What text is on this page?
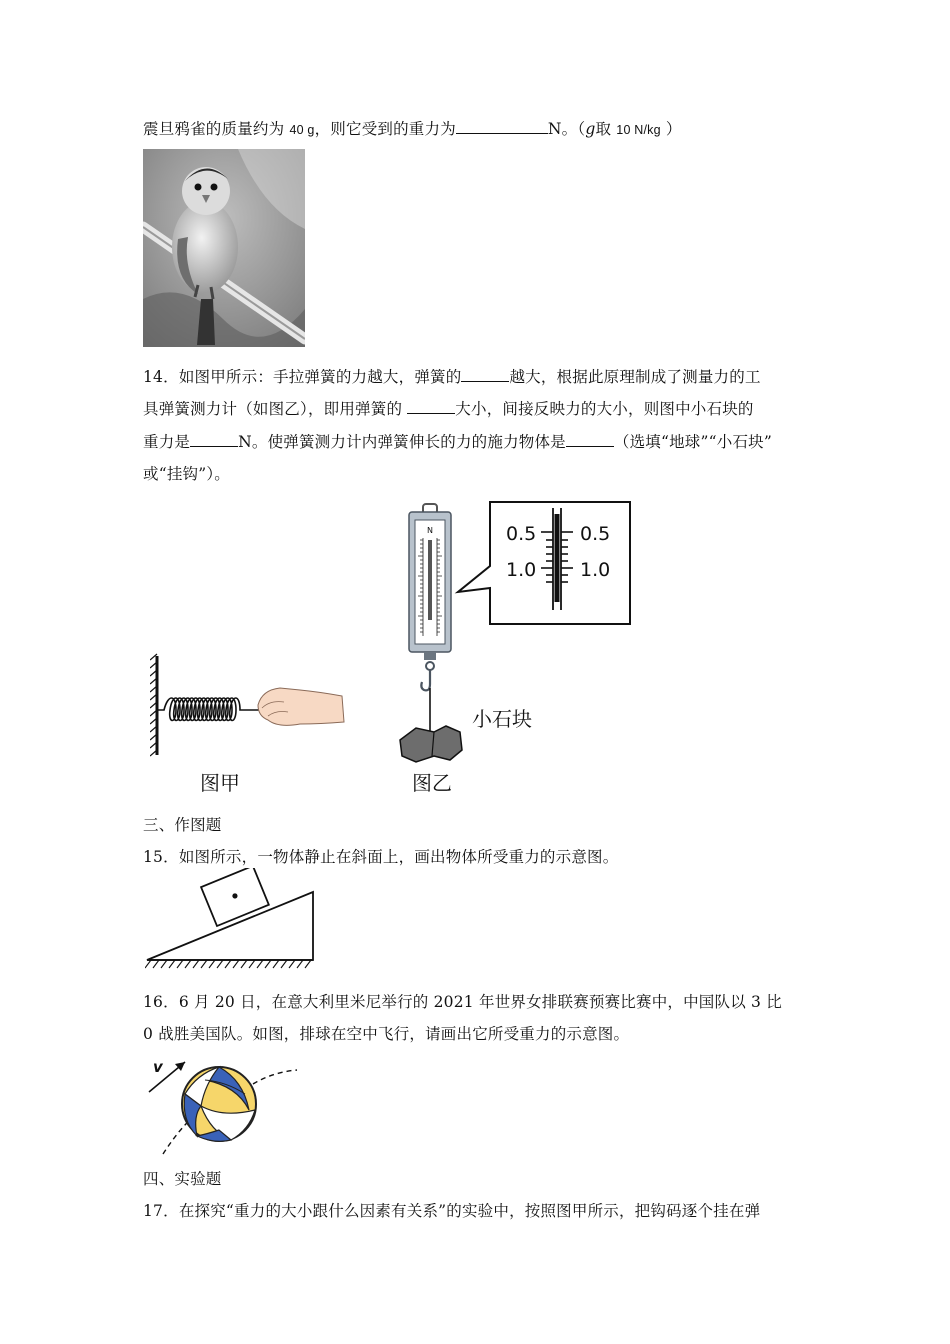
震旦鸦雀的质量约为 40 g，则它受到的重力为	N。（g取 10 N/kg ）
14．如图甲所示：手拉弹簧的力越大，弹簧的	越大，根据此原理制成了测量力的工
具弹簧测力计（如图乙），即用弹簧的	大小，间接反映力的大小，则图中小石块的
重力是	N。使弹簧测力计内弹簧伸长的力的施力物体是	（选填“地球”“小石块”
或“挂钩”）。
图甲
N
小石块
图乙
0.5 0.5
1.0 1.0
三、作图题
15．如图所示，一物体静止在斜面上，画出物体所受重力的示意图。
16．6 月 20 日，在意大利里米尼举行的 2021 年世界女排联赛预赛比赛中，中国队以 3 比
0 战胜美国队。如图，排球在空中飞行，请画出它所受重力的示意图。
v
四、实验题
17．在探究“重力的大小跟什么因素有关系”的实验中，按照图甲所示，把钩码逐个挂在弹
